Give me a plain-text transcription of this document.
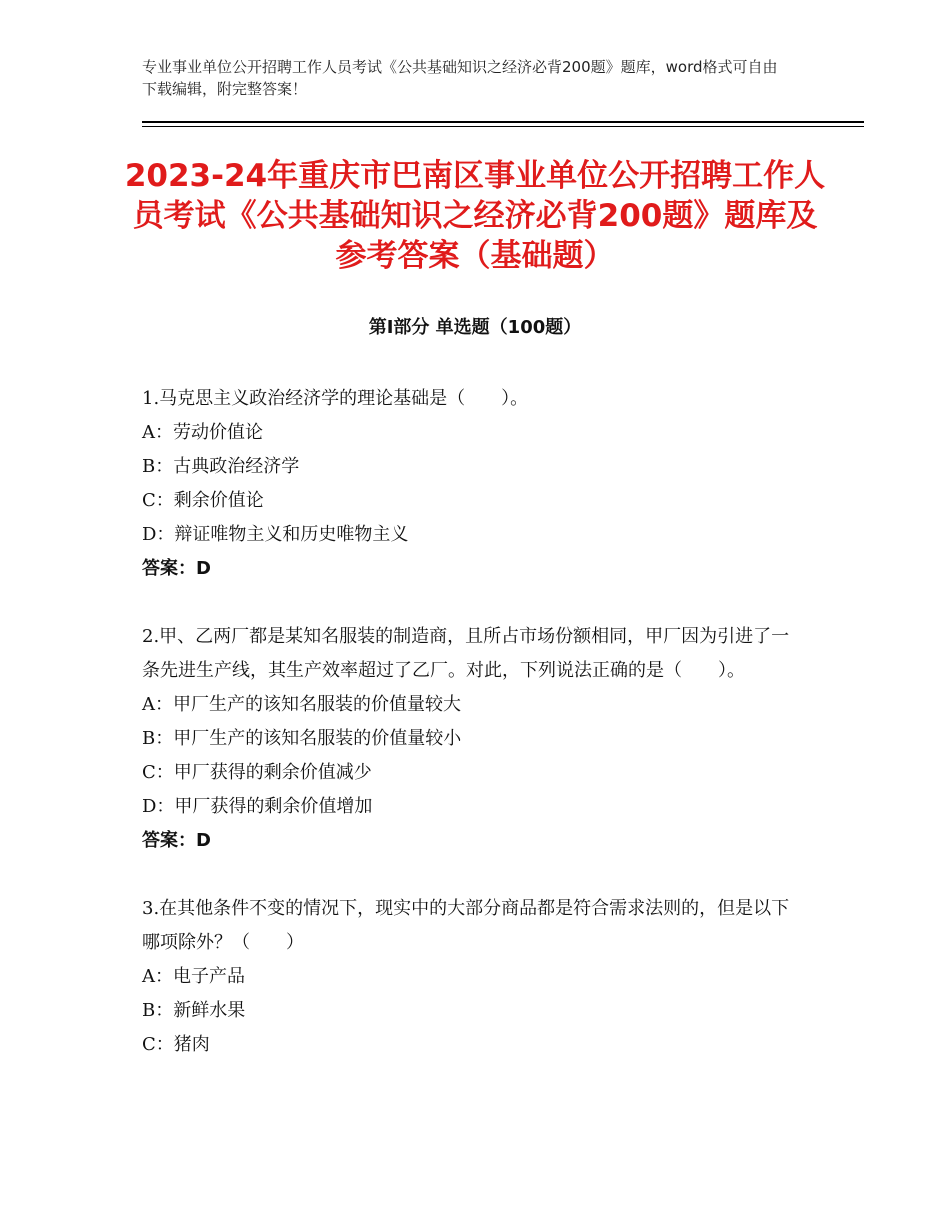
专业事业单位公开招聘工作人员考试《公共基础知识之经济必背200题》题库，word格式可自由下载编辑，附完整答案！
2023-24年重庆市巴南区事业单位公开招聘工作人员考试《公共基础知识之经济必背200题》题库及参考答案（基础题）
第Ⅰ部分 单选题（100题）

1.马克思主义政治经济学的理论基础是（　　）。

A：劳动价值论

B：古典政治经济学

C：剩余价值论

D：辩证唯物主义和历史唯物主义

答案：D

2.甲、乙两厂都是某知名服装的制造商，且所占市场份额相同，甲厂因为引进了一条先进生产线，其生产效率超过了乙厂。对此，下列说法正确的是（　　）。

A：甲厂生产的该知名服装的价值量较大

B：甲厂生产的该知名服装的价值量较小

C：甲厂获得的剩余价值减少

D：甲厂获得的剩余价值增加

答案：D

3.在其他条件不变的情况下，现实中的大部分商品都是符合需求法则的，但是以下哪项除外？（　　）

A：电子产品

B：新鲜水果

C：猪肉
